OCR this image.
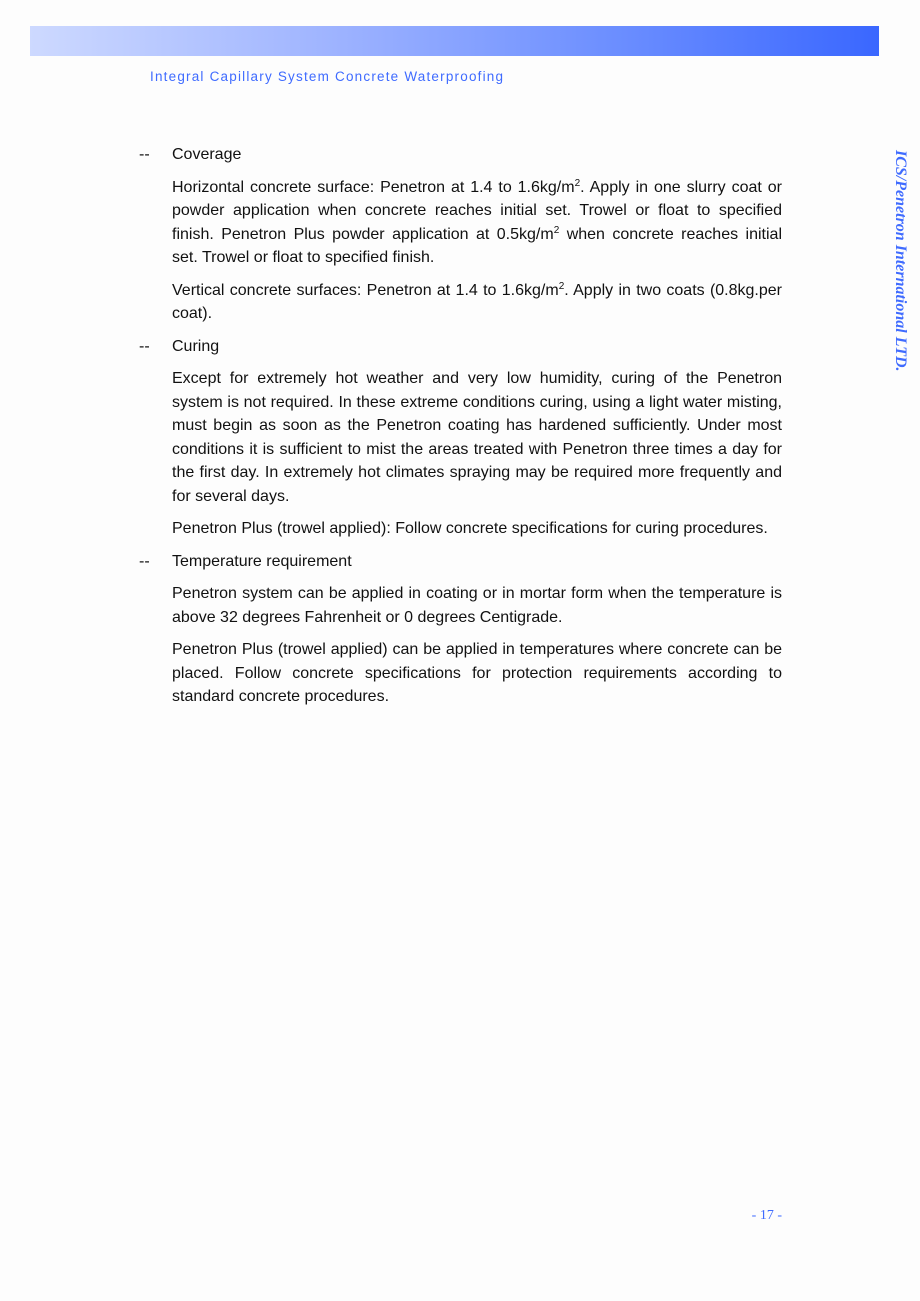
Integral Capillary System Concrete Waterproofing
ICS/Penetron International LTD.
--	Coverage
Horizontal concrete surface: Penetron at 1.4 to $1.6kg/m^2$. Apply in one slurry coat or powder application when concrete reaches initial set. Trowel or float to specified finish. Penetron Plus powder application at $0.5kg/m^2$ when concrete reaches initial set. Trowel or float to specified finish.
Vertical concrete surfaces: Penetron at 1.4 to $1.6kg/m^2$. Apply in two coats (0.8kg.per coat).
--	Curing
Except for extremely hot weather and very low humidity, curing of the Penetron system is not required. In these extreme conditions curing, using a light water misting, must begin as soon as the Penetron coating has hardened sufficiently. Under most conditions it is sufficient to mist the areas treated with Penetron three times a day for the first day. In extremely hot climates spraying may be required more frequently and for several days.
Penetron Plus (trowel applied): Follow concrete specifications for curing procedures.
--	Temperature requirement
Penetron system can be applied in coating or in mortar form when the temperature is above 32 degrees Fahrenheit or 0 degrees Centigrade.
Penetron Plus (trowel applied) can be applied in temperatures where concrete can be placed. Follow concrete specifications for protection requirements according to standard concrete procedures.
- 17 -
